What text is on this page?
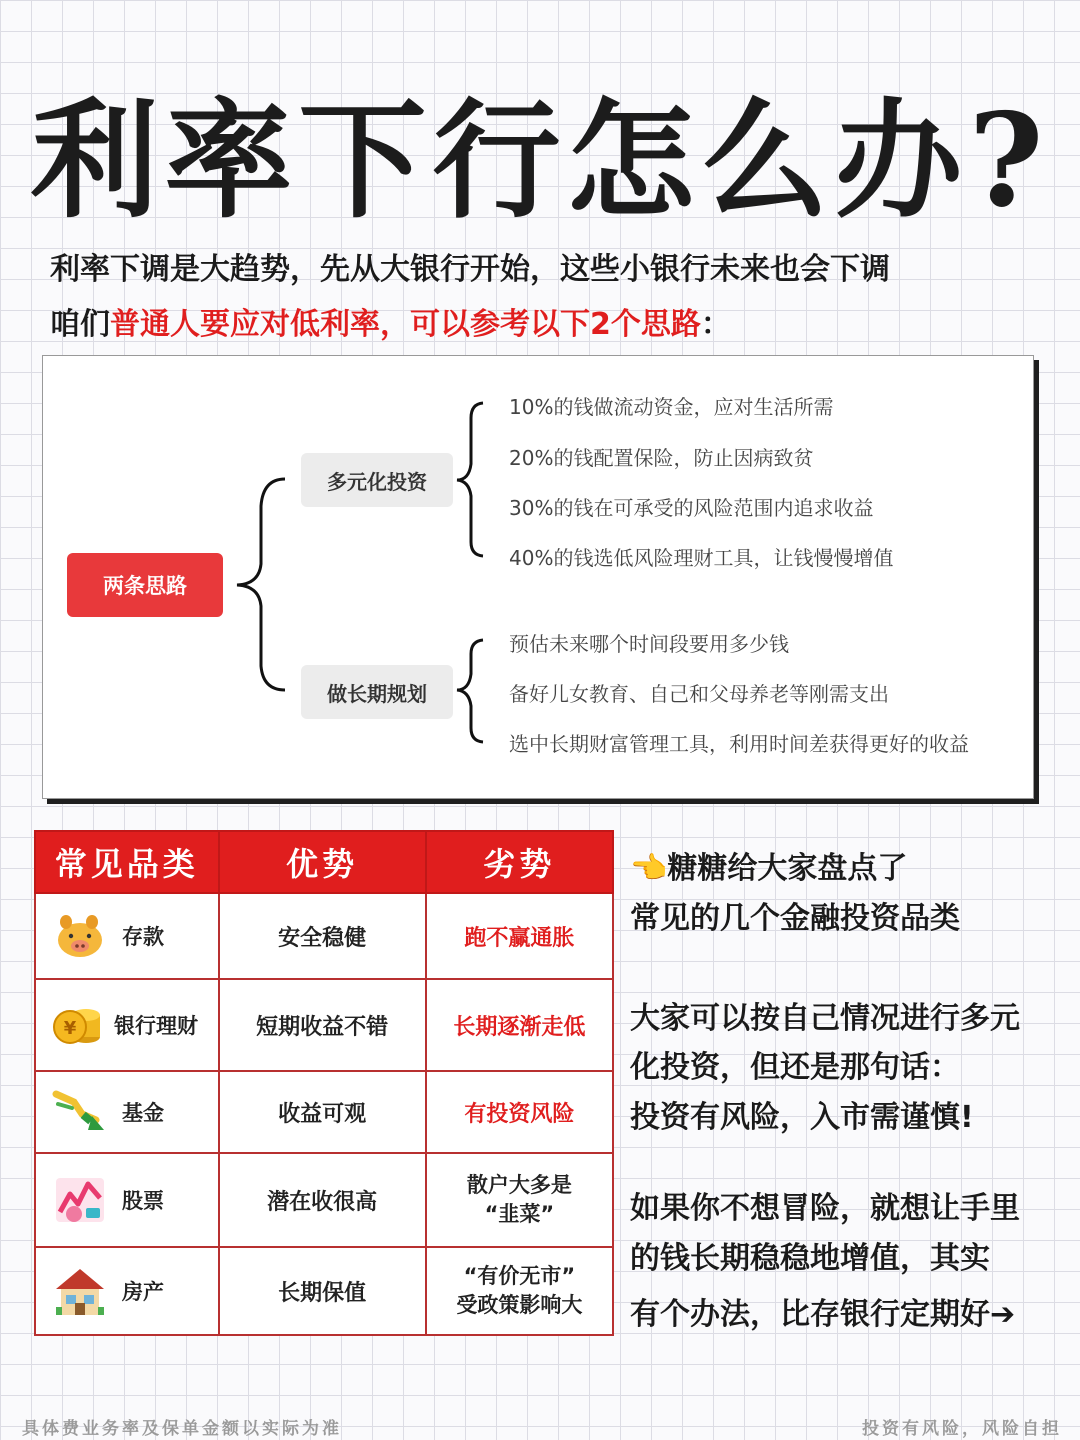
利率下行怎么办?
利率下调是大趋势，先从大银行开始，这些小银行未来也会下调
咱们普通人要应对低利率，可以参考以下2个思路：
两条思路
多元化投资
做长期规划
10%的钱做流动资金，应对生活所需
20%的钱配置保险，防止因病致贫
30%的钱在可承受的风险范围内追求收益
40%的钱选低风险理财工具，让钱慢慢增值
预估未来哪个时间段要用多少钱
备好儿女教育、自己和父母养老等刚需支出
选中长期财富管理工具，利用时间差获得更好的收益
常见品类	优势	劣势

存款	安全稳健	跑不赢通胀

¥ 银行理财	短期收益不错	长期逐渐走低

基金	收益可观	有投资风险

股票	潜在收很高	散户大多是
“韭菜”

房产	长期保值	“有价无市”
受政策影响大
👈糖糖给大家盘点了
常见的几个金融投资品类
大家可以按自己情况进行多元
化投资，但还是那句话：
投资有风险，入市需谨慎!
如果你不想冒险，就想让手里
的钱长期稳稳地增值，其实
有个办法，比存银行定期好➔
具体费业务率及保单金额以实际为准	投资有风险，风险自担
